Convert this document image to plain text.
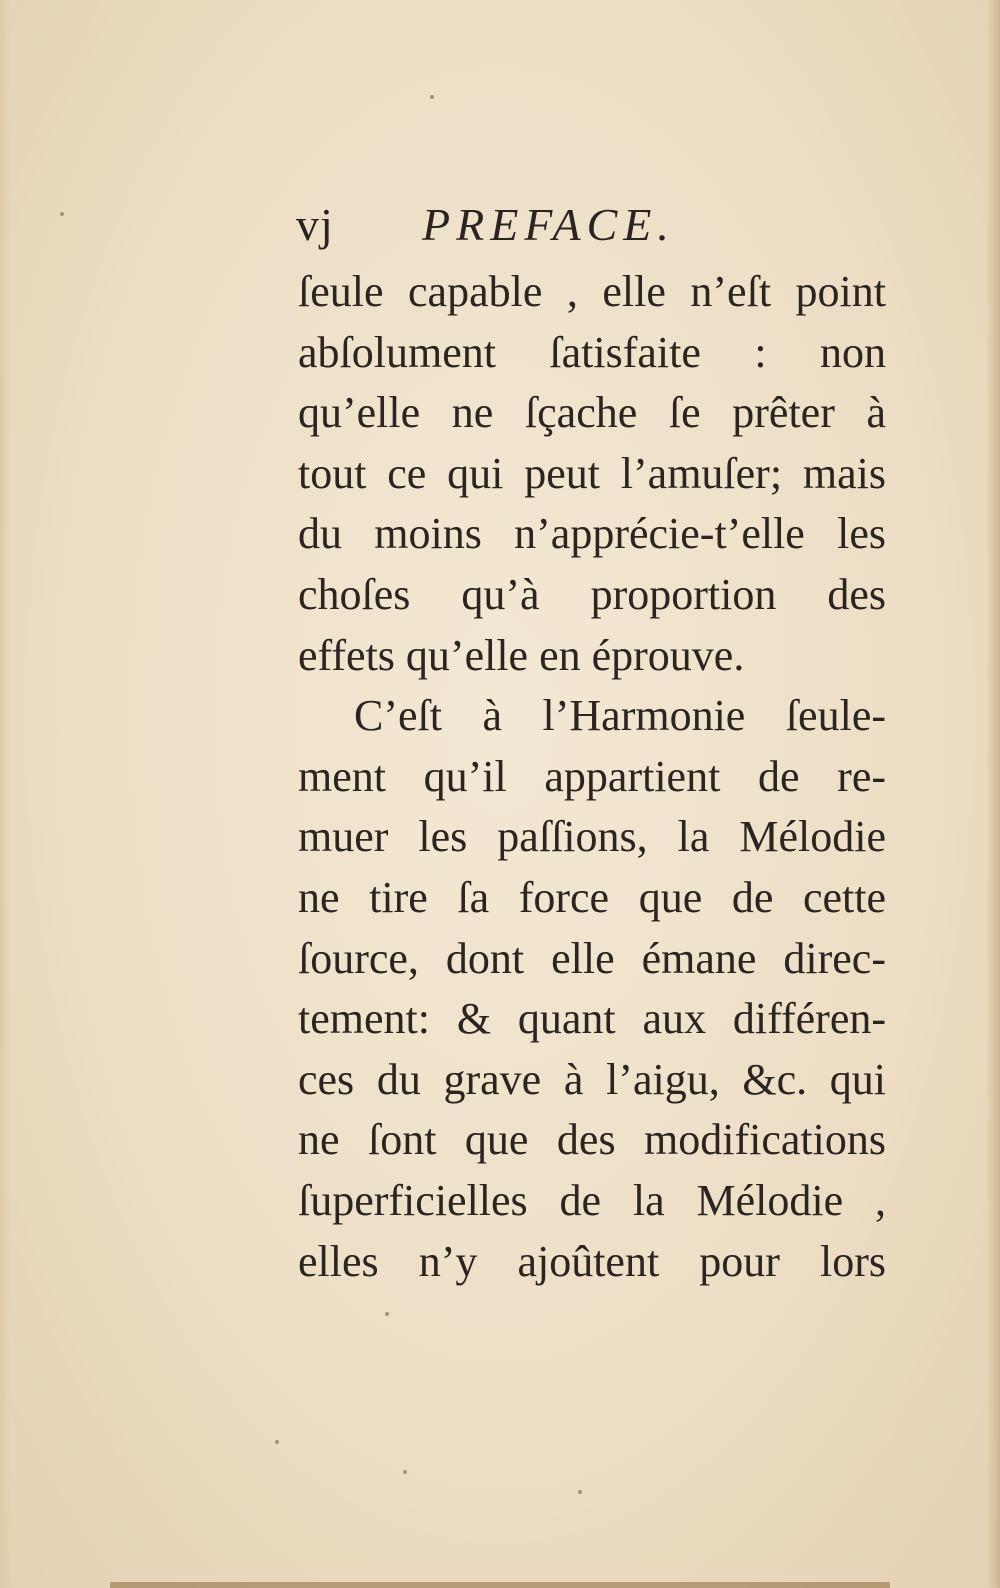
vj PREFACE.
ſeule capable , elle n’eſt point
abſolument ſatisfaite : non
qu’elle ne ſçache ſe prêter à
tout ce qui peut l’amuſer; mais
du moins n’apprécie-t’elle les
choſes qu’à proportion des
effets qu’elle en éprouve.
C’eſt à l’Harmonie ſeule-
ment qu’il appartient de re-
muer les paſſions, la Mélodie
ne tire ſa force que de cette
ſource, dont elle émane direc-
tement: & quant aux différen-
ces du grave à l’aigu, &c. qui
ne ſont que des modifications
ſuperficielles de la Mélodie ,
elles n’y ajoûtent pour lors
